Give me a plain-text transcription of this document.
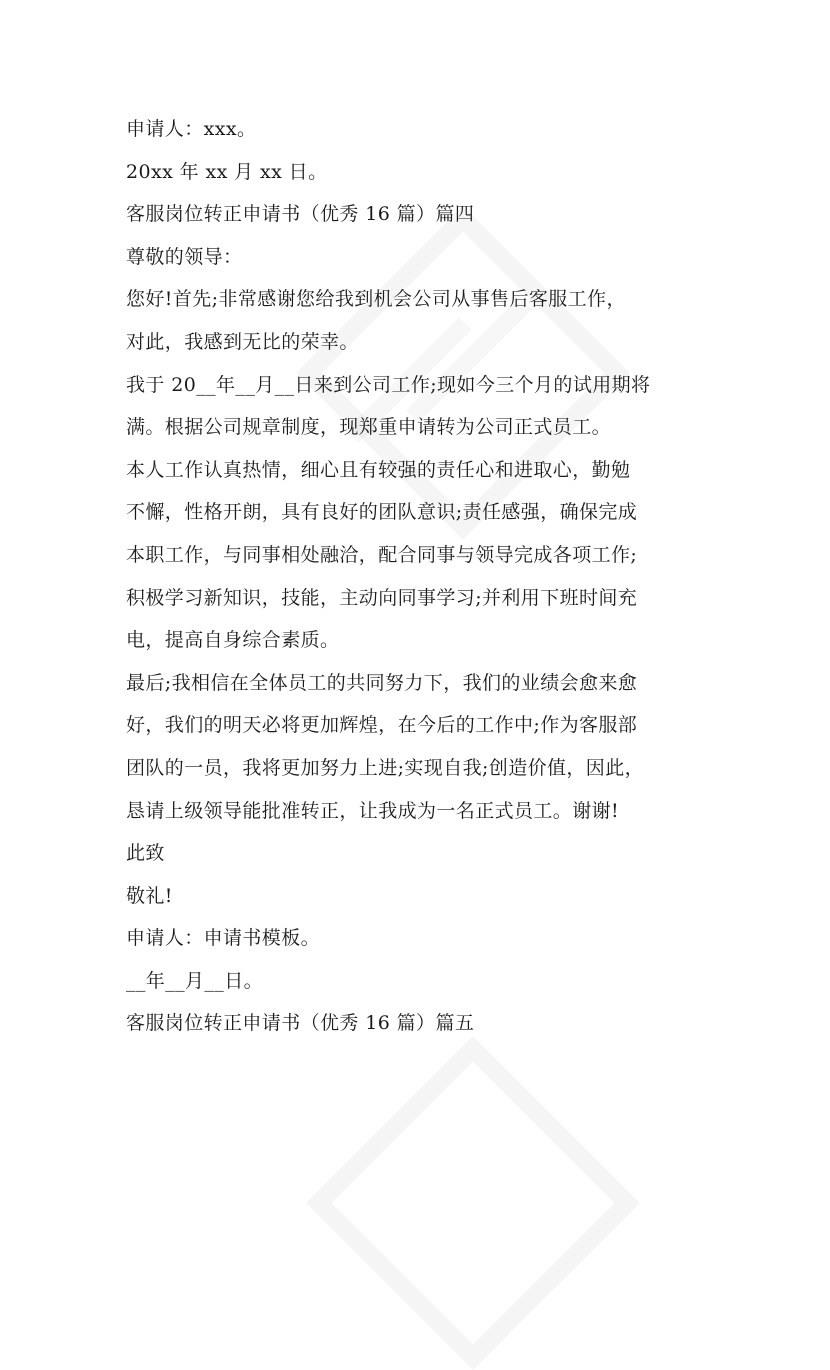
申请人：xxx。
20xx 年 xx 月 xx 日。
客服岗位转正申请书（优秀 16 篇）篇四
尊敬的领导：
您好!首先;非常感谢您给我到机会公司从事售后客服工作，
对此，我感到无比的荣幸。
我于 20__年__月__日来到公司工作;现如今三个月的试用期将
满。根据公司规章制度，现郑重申请转为公司正式员工。
本人工作认真热情，细心且有较强的责任心和进取心，勤勉
不懈，性格开朗，具有良好的团队意识;责任感强，确保完成
本职工作，与同事相处融洽，配合同事与领导完成各项工作;
积极学习新知识，技能，主动向同事学习;并利用下班时间充
电，提高自身综合素质。
最后;我相信在全体员工的共同努力下，我们的业绩会愈来愈
好，我们的明天必将更加辉煌，在今后的工作中;作为客服部
团队的一员，我将更加努力上进;实现自我;创造价值，因此，
恳请上级领导能批准转正，让我成为一名正式员工。谢谢!
此致
敬礼!
申请人：申请书模板。
__年__月__日。
客服岗位转正申请书（优秀 16 篇）篇五
